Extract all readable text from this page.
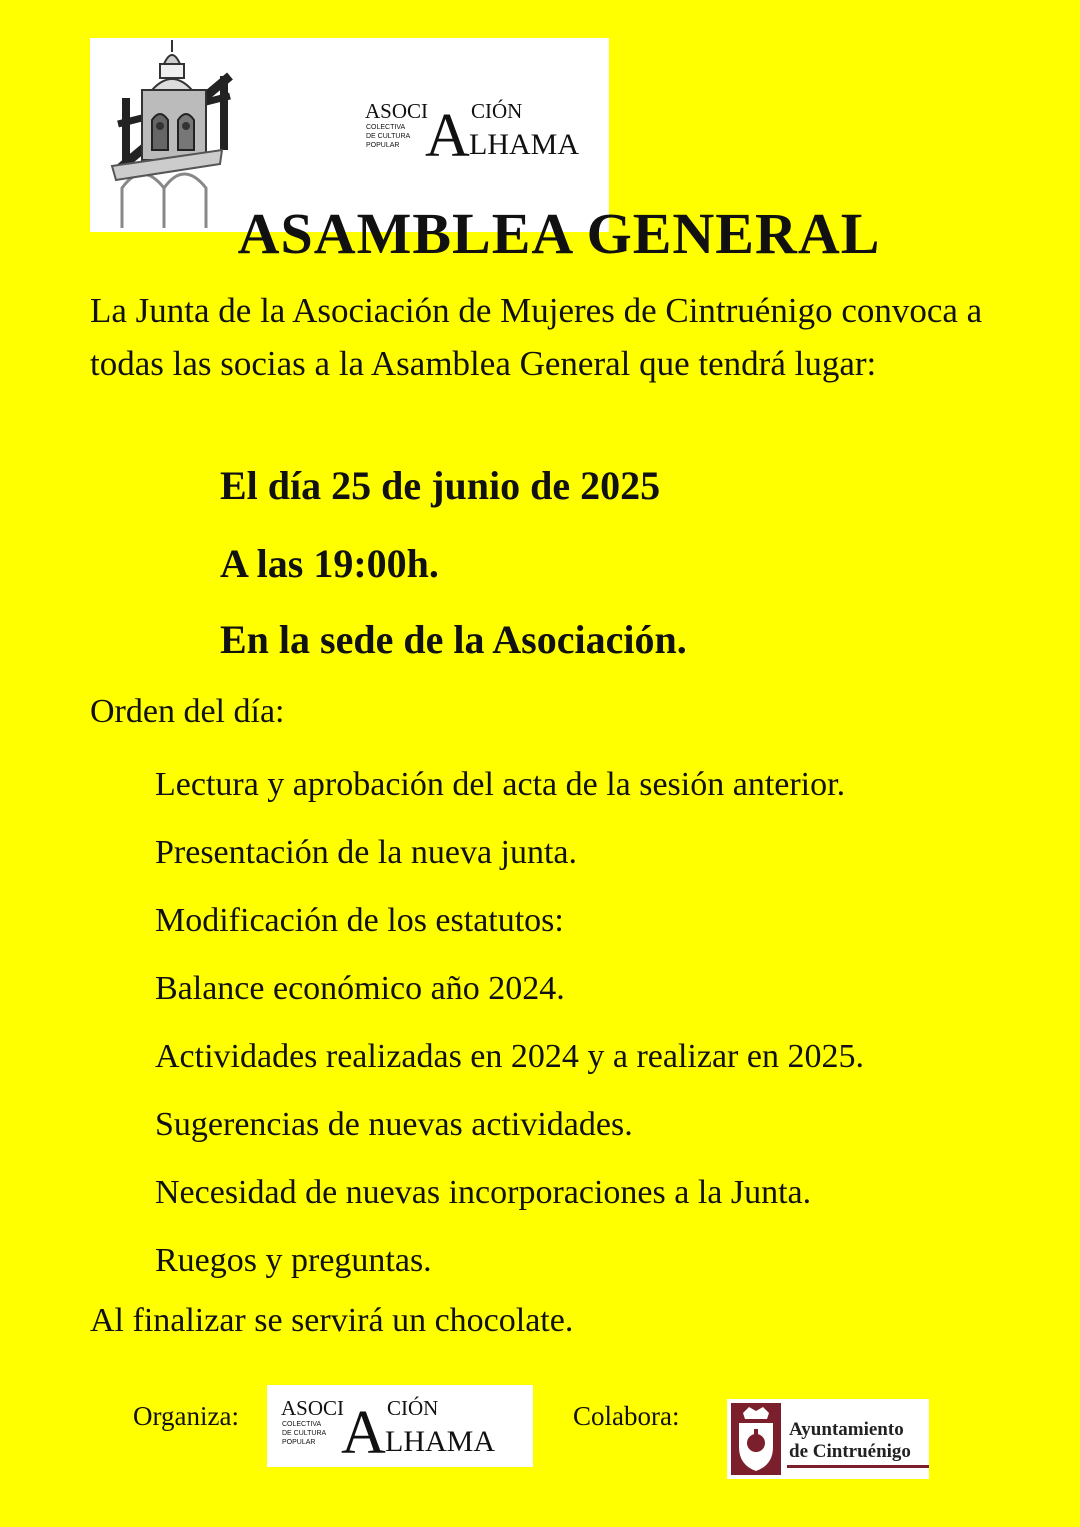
ASOCI
A CIÓN
LHAMA
COLECTIVA
DE CULTURA
POPULAR
ASAMBLEA GENERAL

La Junta de la Asociación de Mujeres de Cintruénigo convoca a todas las socias a la Asamblea General que tendrá lugar:

El día 25 de junio de 2025

A las 19:00h.

En la sede de la Asociación.

Orden del día:

Lectura y aprobación del acta de la sesión anterior.
Presentación de la nueva junta.
Modificación de los estatutos:
Balance económico año 2024.
Actividades realizadas en 2024 y a realizar en 2025.
Sugerencias de nuevas actividades.
Necesidad de nuevas incorporaciones a la Junta.
Ruegos y preguntas.

Al finalizar se servirá un chocolate.

Organiza: ASOCI
A CIÓN
LHAMA
COLECTIVA
DE CULTURA
POPULAR

Colabora:	Ayuntamiento
de Cintruénigo
